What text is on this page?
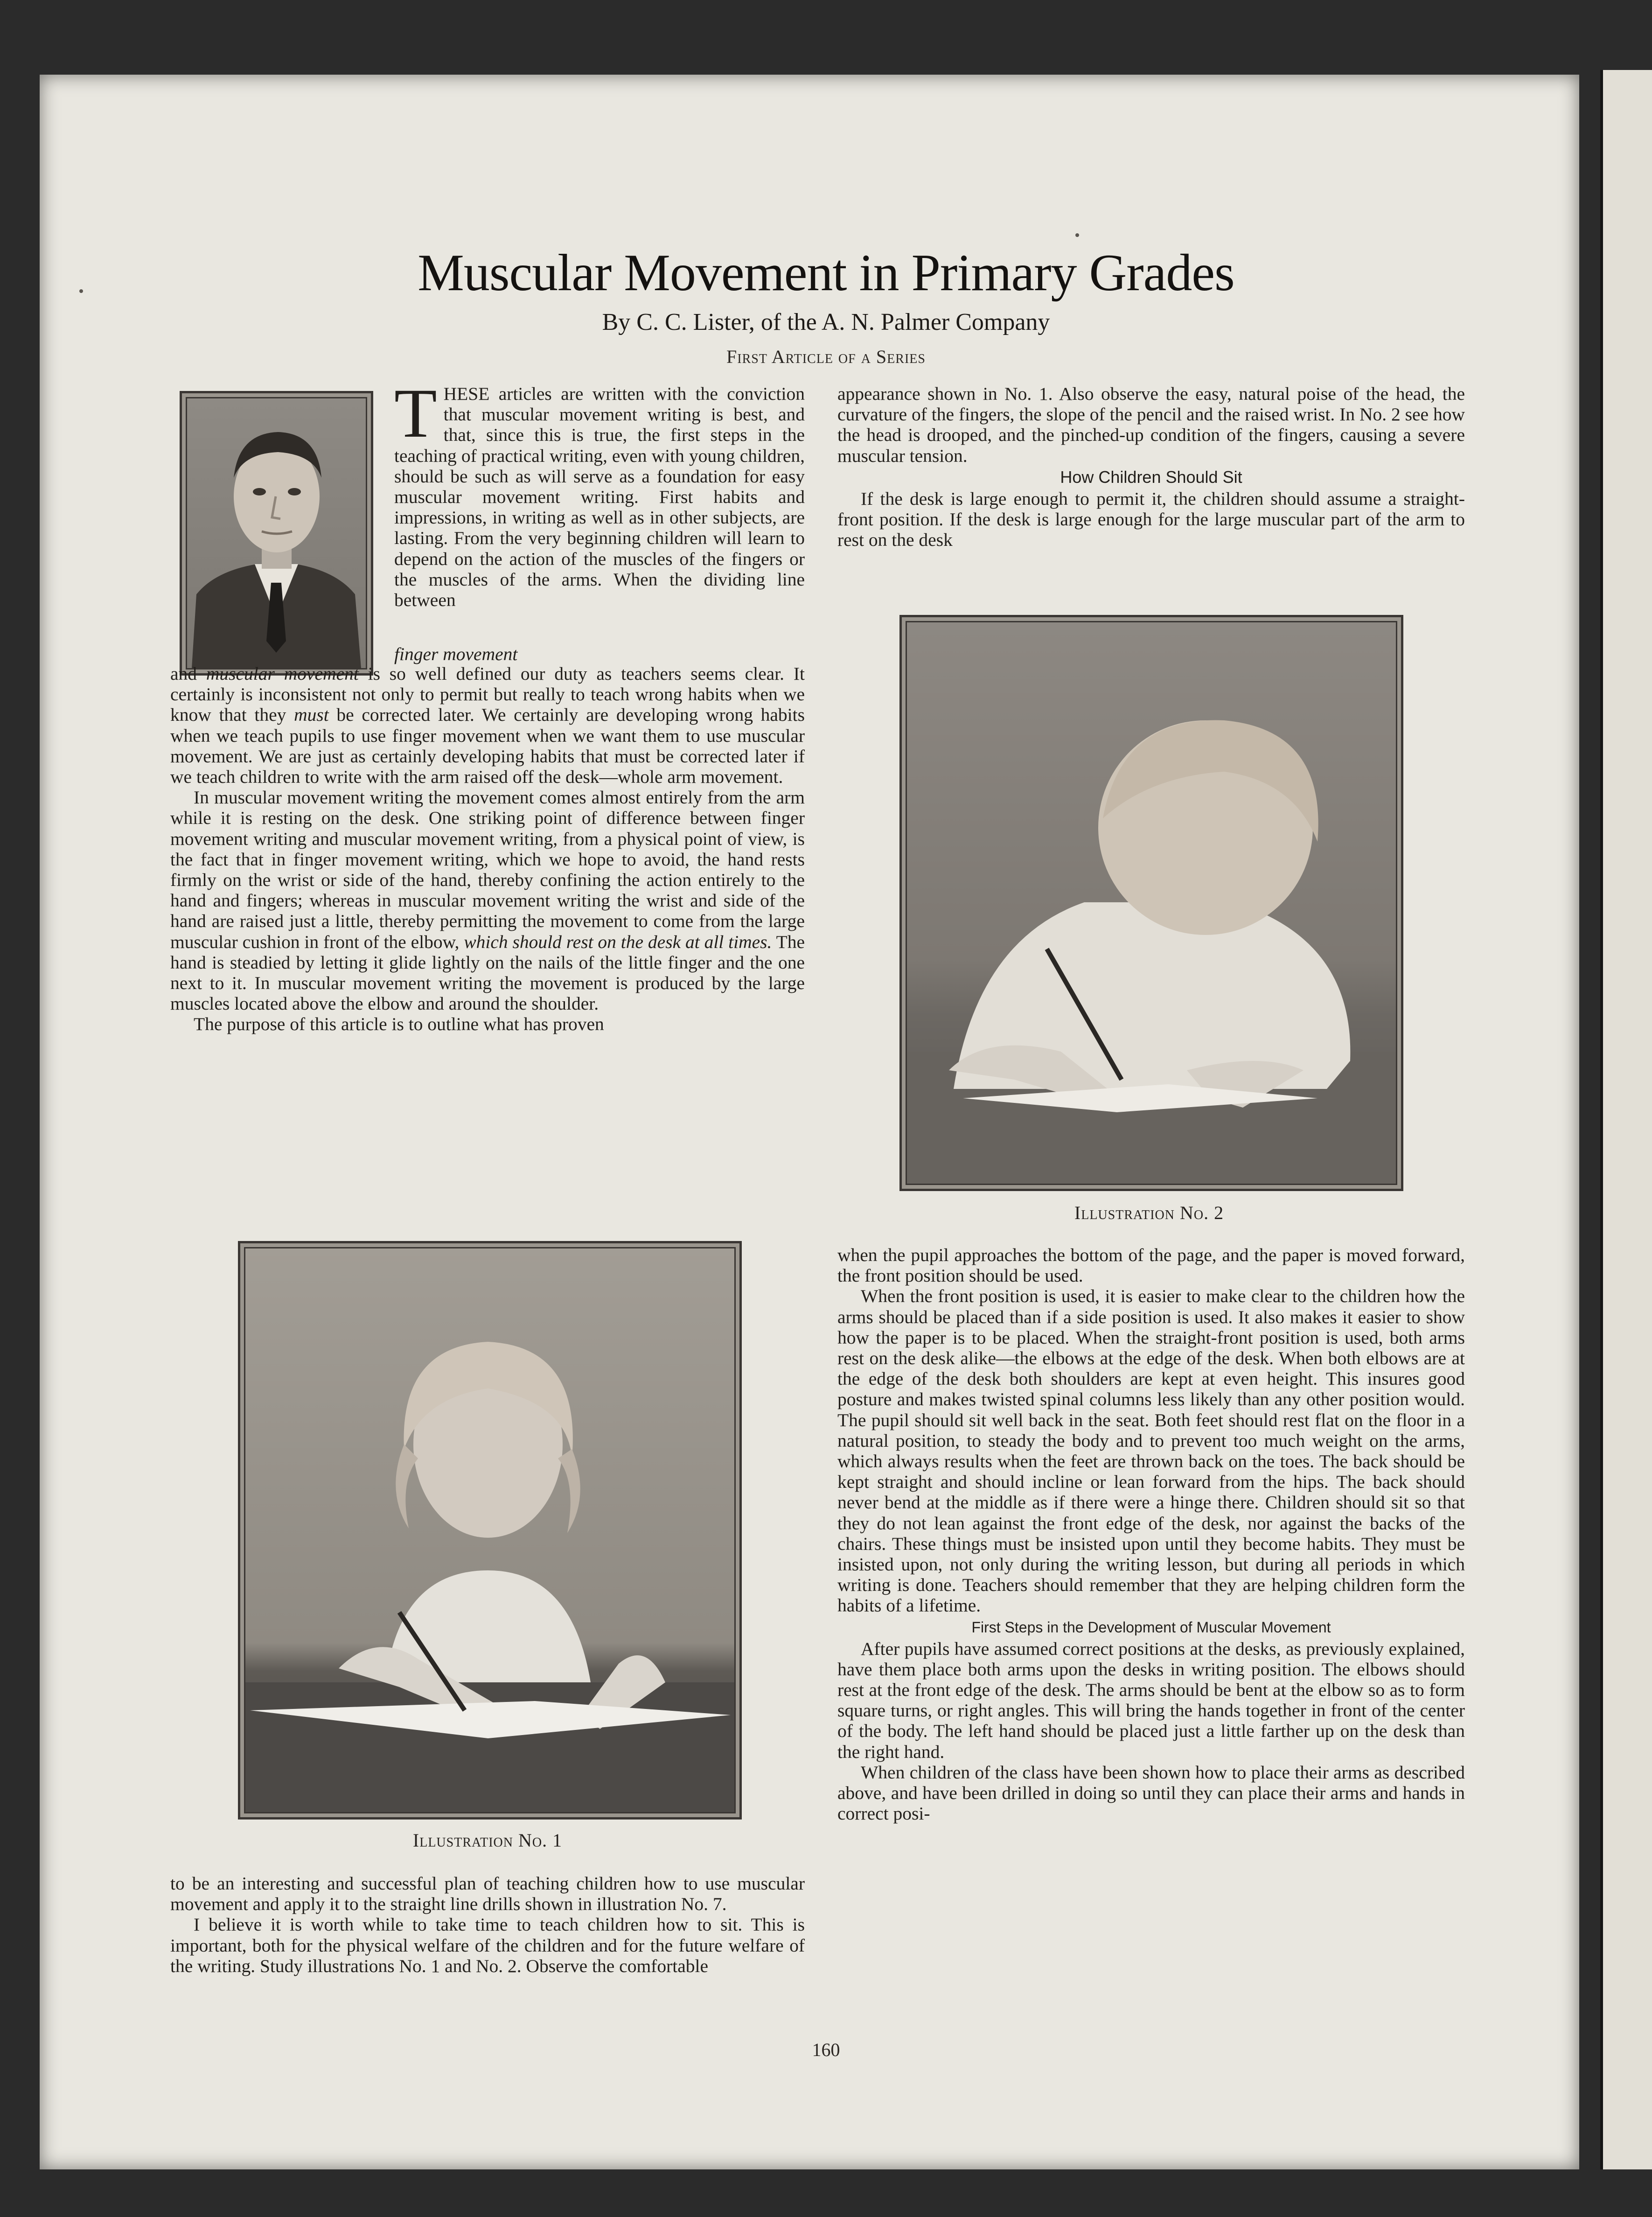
Muscular Movement in Primary Grades
By C. C. Lister, of the A. N. Palmer Company
First Article of a Series

T HESE articles are written with the conviction that muscular movement writing is best, and that, since this is true, the first steps in the teaching of practical writing, even with young children, should be such as will serve as a foundation for easy muscular movement writing. First habits and impressions, in writing as well as in other subjects, are lasting. From the very beginning children will learn to depend on the action of the muscles of the fingers or the muscles of the arms. When the dividing line between

finger movement

and muscular movement is so well defined our duty as teachers seems clear. It certainly is inconsistent not only to permit but really to teach wrong habits when we know that they must be corrected later. We certainly are developing wrong habits when we teach pupils to use finger movement when we want them to use muscular movement. We are just as certainly developing habits that must be corrected later if we teach children to write with the arm raised off the desk—whole arm movement.

In muscular movement writing the movement comes almost entirely from the arm while it is resting on the desk. One striking point of difference between finger movement writing and muscular movement writing, from a physical point of view, is the fact that in finger movement writing, which we hope to avoid, the hand rests firmly on the wrist or side of the hand, thereby confining the action entirely to the hand and fingers; whereas in muscular movement writing the wrist and side of the hand are raised just a little, thereby permitting the movement to come from the large muscular cushion in front of the elbow, which should rest on the desk at all times. The hand is steadied by letting it glide lightly on the nails of the little finger and the one next to it. In muscular movement writing the movement is produced by the large muscles located above the elbow and around the shoulder.

The purpose of this article is to outline what has proven

Illustration No. 1

to be an interesting and successful plan of teaching children how to use muscular movement and apply it to the straight line drills shown in illustration No. 7.

I believe it is worth while to take time to teach children how to sit. This is important, both for the physical welfare of the children and for the future welfare of the writing. Study illustrations No. 1 and No. 2. Observe the comfortable

appearance shown in No. 1. Also observe the easy, natural poise of the head, the curvature of the fingers, the slope of the pencil and the raised wrist. In No. 2 see how the head is drooped, and the pinched-up condition of the fingers, causing a severe muscular tension.

How Children Should Sit

If the desk is large enough to permit it, the children should assume a straight-front position. If the desk is large enough for the large muscular part of the arm to rest on the desk

Illustration No. 2

when the pupil approaches the bottom of the page, and the paper is moved forward, the front position should be used.

When the front position is used, it is easier to make clear to the children how the arms should be placed than if a side position is used. It also makes it easier to show how the paper is to be placed. When the straight-front position is used, both arms rest on the desk alike—the elbows at the edge of the desk. When both elbows are at the edge of the desk both shoulders are kept at even height. This insures good posture and makes twisted spinal columns less likely than any other position would. The pupil should sit well back in the seat. Both feet should rest flat on the floor in a natural position, to steady the body and to prevent too much weight on the arms, which always results when the feet are thrown back on the toes. The back should be kept straight and should incline or lean forward from the hips. The back should never bend at the middle as if there were a hinge there. Children should sit so that they do not lean against the front edge of the desk, nor against the backs of the chairs. These things must be insisted upon until they become habits. They must be insisted upon, not only during the writing lesson, but during all periods in which writing is done. Teachers should remember that they are helping children form the habits of a lifetime.

First Steps in the Development of Muscular Movement

After pupils have assumed correct positions at the desks, as previously explained, have them place both arms upon the desks in writing position. The elbows should rest at the front edge of the desk. The arms should be bent at the elbow so as to form square turns, or right angles. This will bring the hands together in front of the center of the body. The left hand should be placed just a little farther up on the desk than the right hand.

When children of the class have been shown how to place their arms as described above, and have been drilled in doing so until they can place their arms and hands in correct posi-

160
